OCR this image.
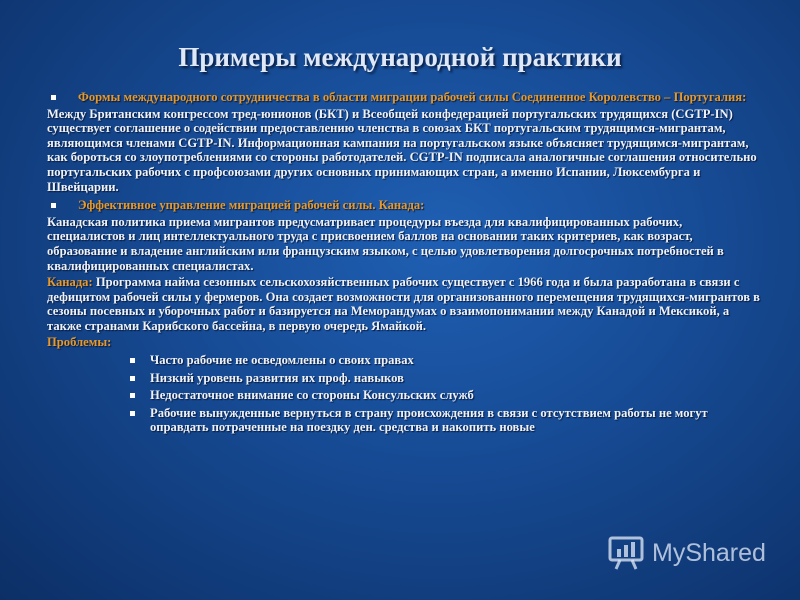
Примеры международной практики
Формы международного сотрудничества в области миграции рабочей силы Соединенное Королевство – Португалия:
Между Британским конгрессом тред-юнионов (БКТ) и Всеобщей конфедерацией португальских трудящихся (CGTP-IN) существует соглашение о содействии предоставлению членства в союзах БКТ португальским трудящимся-мигрантам, являющимся членами CGTP-IN. Информационная кампания на португальском языке объясняет трудящимся-мигрантам, как бороться со злоупотреблениями со стороны работодателей. CGTP-IN подписала аналогичные соглашения относительно португальских рабочих с профсоюзами других основных принимающих стран, а именно Испании, Люксембурга и Швейцарии.
Эффективное управление миграцией рабочей силы. Канада:
Канадская политика приема мигрантов предусматривает процедуры въезда для квалифицированных рабочих, специалистов и лиц интеллектуального труда с присвоением баллов на основании таких критериев, как возраст, образование и владение английским или французским языком, с целью удовлетворения долгосрочных потребностей в квалифицированных специалистах.
Канада: Программа найма сезонных сельскохозяйственных рабочих существует с 1966 года и была разработана в связи с дефицитом рабочей силы у фермеров. Она создает возможности для организованного перемещения трудящихся-мигрантов в сезоны посевных и уборочных работ и базируется на Меморандумах о взаимопонимании между Канадой и Мексикой, а также странами Карибского бассейна, в первую очередь Ямайкой.
Проблемы:
Часто рабочие не осведомлены о своих правах
Низкий уровень развития их проф. навыков
Недостаточное внимание со стороны Консульских служб
Рабочие вынужденные вернуться в страну происхождения в связи с отсутствием работы не могут оправдать потраченные на поездку ден. средства и накопить новые
MyShared
